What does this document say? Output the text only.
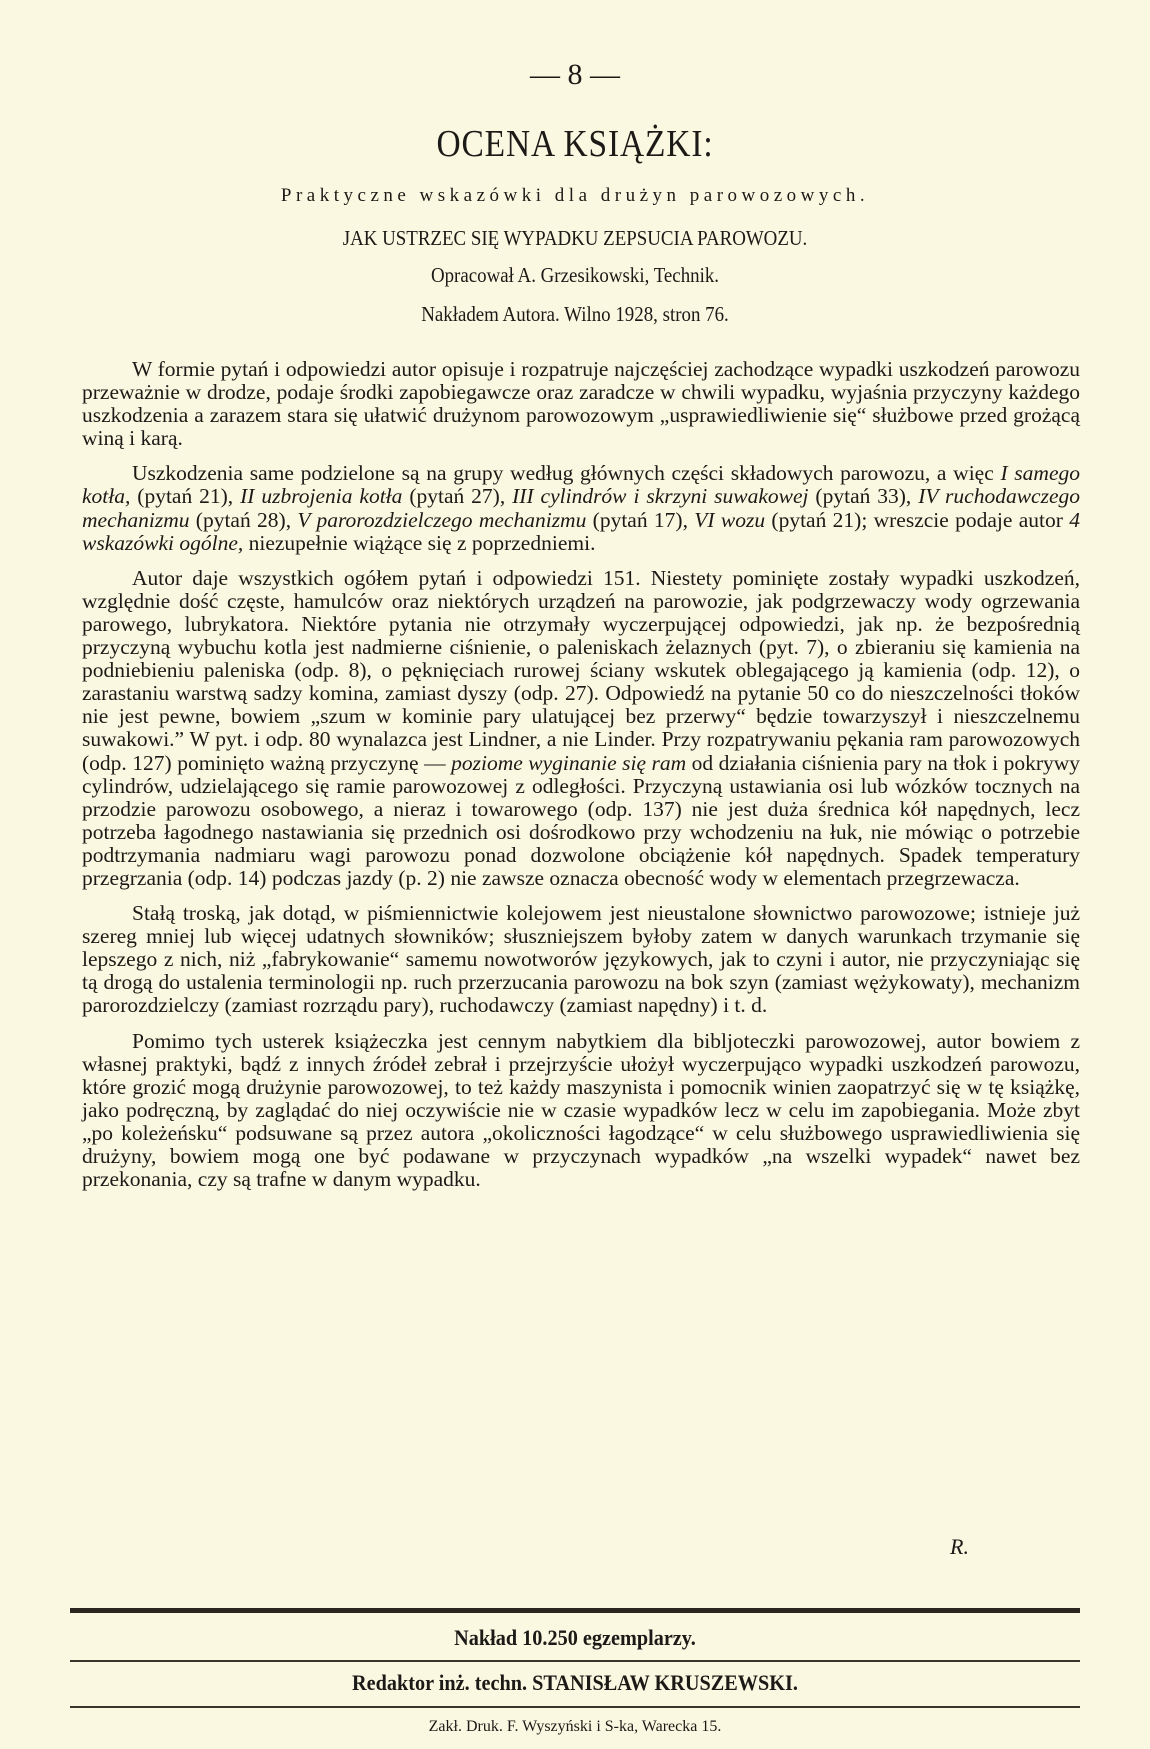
— 8 —
OCENA KSIĄŻKI:
Praktyczne wskazówki dla drużyn parowozowych.
JAK USTRZEC SIĘ WYPADKU ZEPSUCIA PAROWOZU.
Opracował A. Grzesikowski, Technik.
Nakładem Autora. Wilno 1928, stron 76.

W formie pytań i odpowiedzi autor opisuje i rozpatruje najczęściej zachodzące wypadki uszkodzeń parowozu przeważnie w drodze, podaje środki zapobiegawcze oraz zaradcze w chwili wypadku, wyjaśnia przyczyny każdego uszkodzenia a zarazem stara się ułatwić drużynom parowozowym „usprawiedliwienie się“ służbowe przed grożącą winą i karą.

Uszkodzenia same podzielone są na grupy według głównych części składowych parowozu, a więc I samego kotła, (pytań 21), II uzbrojenia kotła (pytań 27), III cylindrów i skrzyni suwakowej (pytań 33), IV ruchodawczego mechanizmu (pytań 28), V parorozdzielczego mechanizmu (pytań 17), VI wozu (pytań 21); wreszcie podaje autor 4 wskazówki ogólne, niezupełnie wiążące się z poprzedniemi.

Autor daje wszystkich ogółem pytań i odpowiedzi 151. Niestety pominięte zostały wypadki uszkodzeń, względnie dość częste, hamulców oraz niektórych urządzeń na parowozie, jak podgrzewaczy wody ogrzewania parowego, lubrykatora. Niektóre pytania nie otrzymały wyczerpującej odpowiedzi, jak np. że bezpośrednią przyczyną wybuchu kotla jest nadmierne ciśnienie, o paleniskach żelaznych (pyt. 7), o zbieraniu się kamienia na podniebieniu paleniska (odp. 8), o pęknięciach rurowej ściany wskutek oblegającego ją kamienia (odp. 12), o zarastaniu warstwą sadzy komina, zamiast dyszy (odp. 27). Odpowiedź na pytanie 50 co do nieszczelności tłoków nie jest pewne, bowiem „szum w kominie pary ulatującej bez przerwy“ będzie towarzyszył i nieszczelnemu suwakowi.” W pyt. i odp. 80 wynalazca jest Lindner, a nie Linder. Przy rozpatrywaniu pękania ram parowozowych (odp. 127) pominięto ważną przyczynę — poziome wyginanie się ram od działania ciśnienia pary na tłok i pokrywy cylindrów, udzielającego się ramie parowozowej z odległości. Przyczyną ustawiania osi lub wózków tocznych na przodzie parowozu osobowego, a nieraz i towarowego (odp. 137) nie jest duża średnica kół napędnych, lecz potrzeba łagodnego nastawiania się przednich osi dośrodkowo przy wchodzeniu na łuk, nie mówiąc o potrzebie podtrzymania nadmiaru wagi parowozu ponad dozwolone obciążenie kół napędnych. Spadek temperatury przegrzania (odp. 14) podczas jazdy (p. 2) nie zawsze oznacza obecność wody w elementach przegrzewacza.

Stałą troską, jak dotąd, w piśmiennictwie kolejowem jest nieustalone słownictwo parowozowe; istnieje już szereg mniej lub więcej udatnych słowników; słuszniejszem byłoby zatem w danych warunkach trzymanie się lepszego z nich, niż „fabrykowanie“ samemu nowotworów językowych, jak to czyni i autor, nie przyczyniając się tą drogą do ustalenia terminologii np. ruch przerzucania parowozu na bok szyn (zamiast wężykowaty), mechanizm parorozdzielczy (zamiast rozrządu pary), ruchodawczy (zamiast napędny) i t. d.

Pomimo tych usterek książeczka jest cennym nabytkiem dla bibljoteczki parowozowej, autor bowiem z własnej praktyki, bądź z innych źródeł zebrał i przejrzyście ułożył wyczerpująco wypadki uszkodzeń parowozu, które grozić mogą drużynie parowozowej, to też każdy maszynista i pomocnik winien zaopatrzyć się w tę książkę, jako podręczną, by zaglądać do niej oczywiście nie w czasie wypadków lecz w celu im zapobiegania. Może zbyt „po koleżeńsku“ podsuwane są przez autora „okoliczności łagodzące“ w celu służbowego usprawiedliwienia się drużyny, bowiem mogą one być podawane w przyczynach wypadków „na wszelki wypadek“ nawet bez przekonania, czy są trafne w danym wypadku.

R.
Nakład 10.250 egzemplarzy.
Redaktor inż. techn. STANISŁAW KRUSZEWSKI.
Zakł. Druk. F. Wyszyński i S-ka, Warecka 15.
